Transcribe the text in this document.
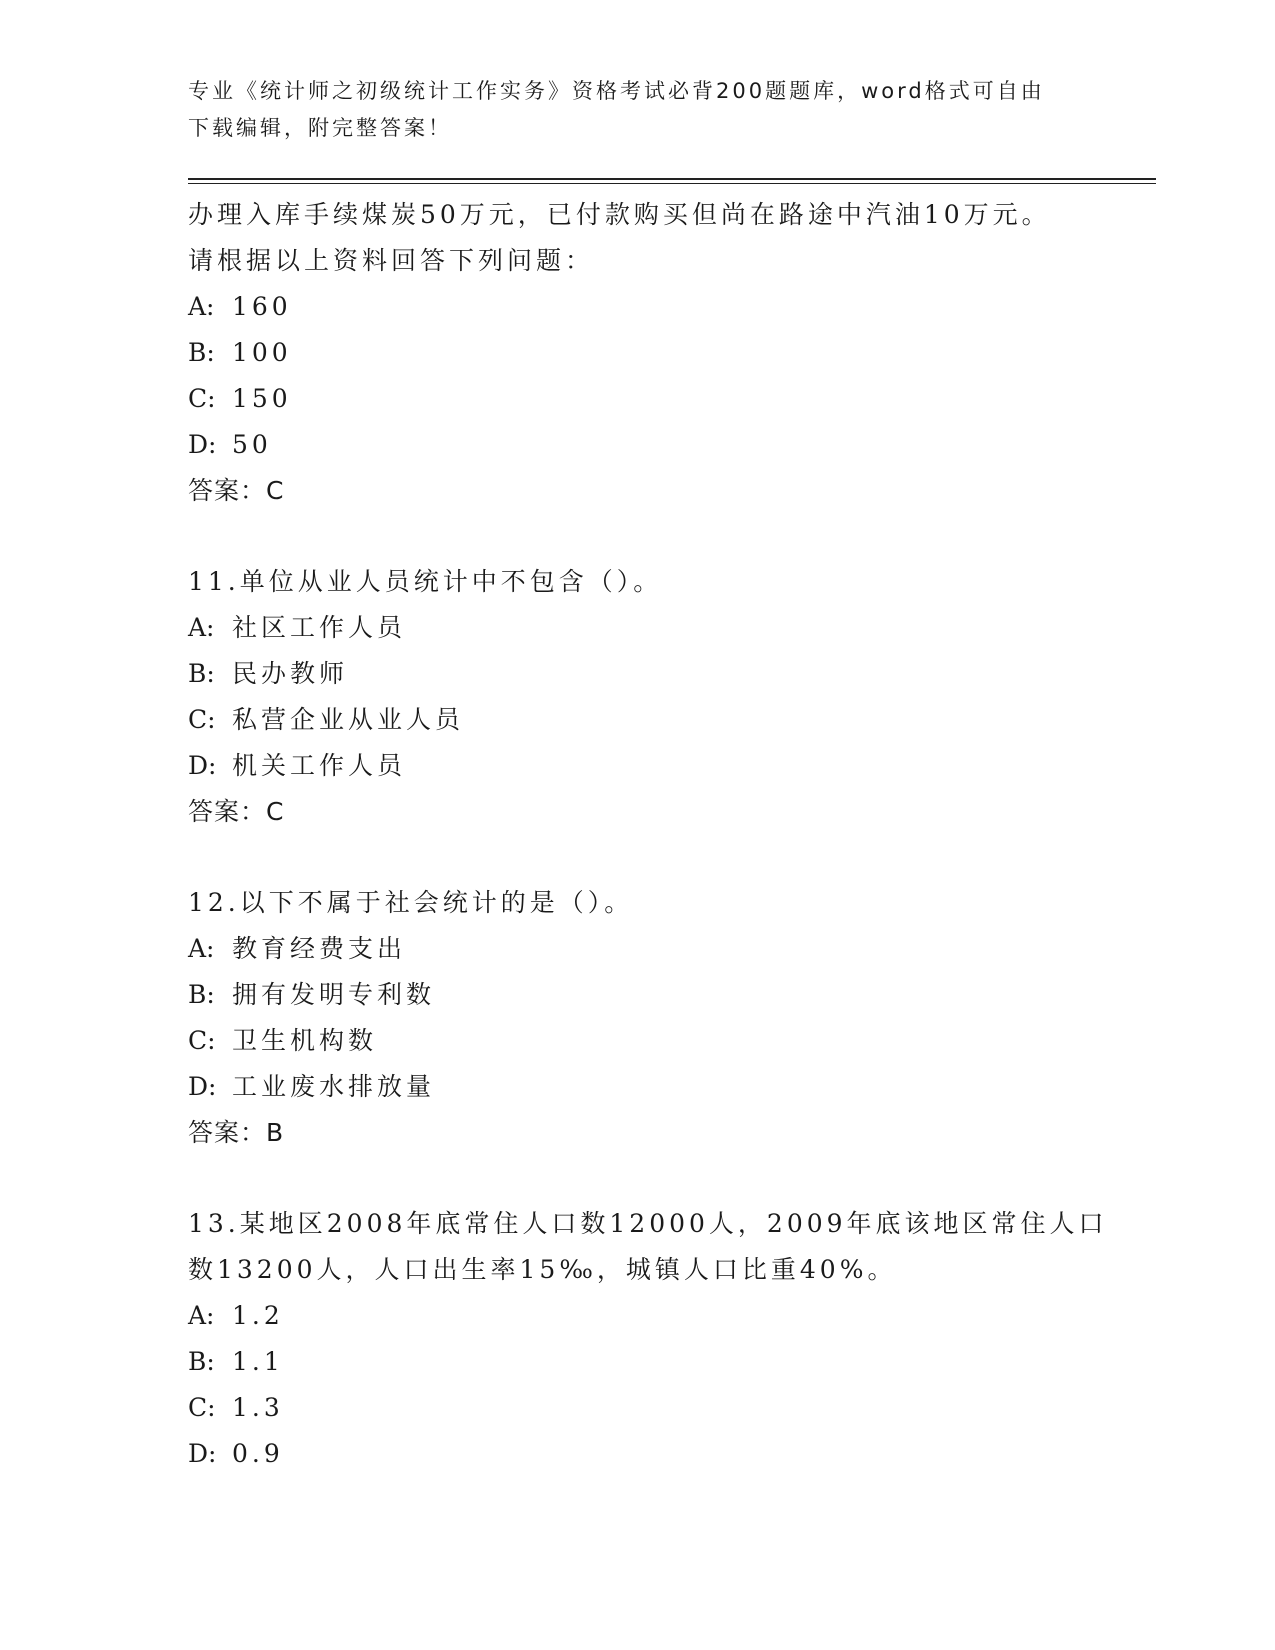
专业《统计师之初级统计工作实务》资格考试必背200题题库，word格式可自由
下载编辑，附完整答案！
办理入库手续煤炭50万元，已付款购买但尚在路途中汽油10万元。
请根据以上资料回答下列问题：
A: 160
B: 100
C: 150
D: 50
答案：C
11.单位从业人员统计中不包含（）。
A: 社区工作人员
B: 民办教师
C: 私营企业从业人员
D: 机关工作人员
答案：C
12.以下不属于社会统计的是（）。
A: 教育经费支出
B: 拥有发明专利数
C: 卫生机构数
D: 工业废水排放量
答案：B
13.某地区2008年底常住人口数12000人，2009年底该地区常住人口
数13200人，人口出生率15‰，城镇人口比重40%。
A: 1.2
B: 1.1
C: 1.3
D: 0.9
